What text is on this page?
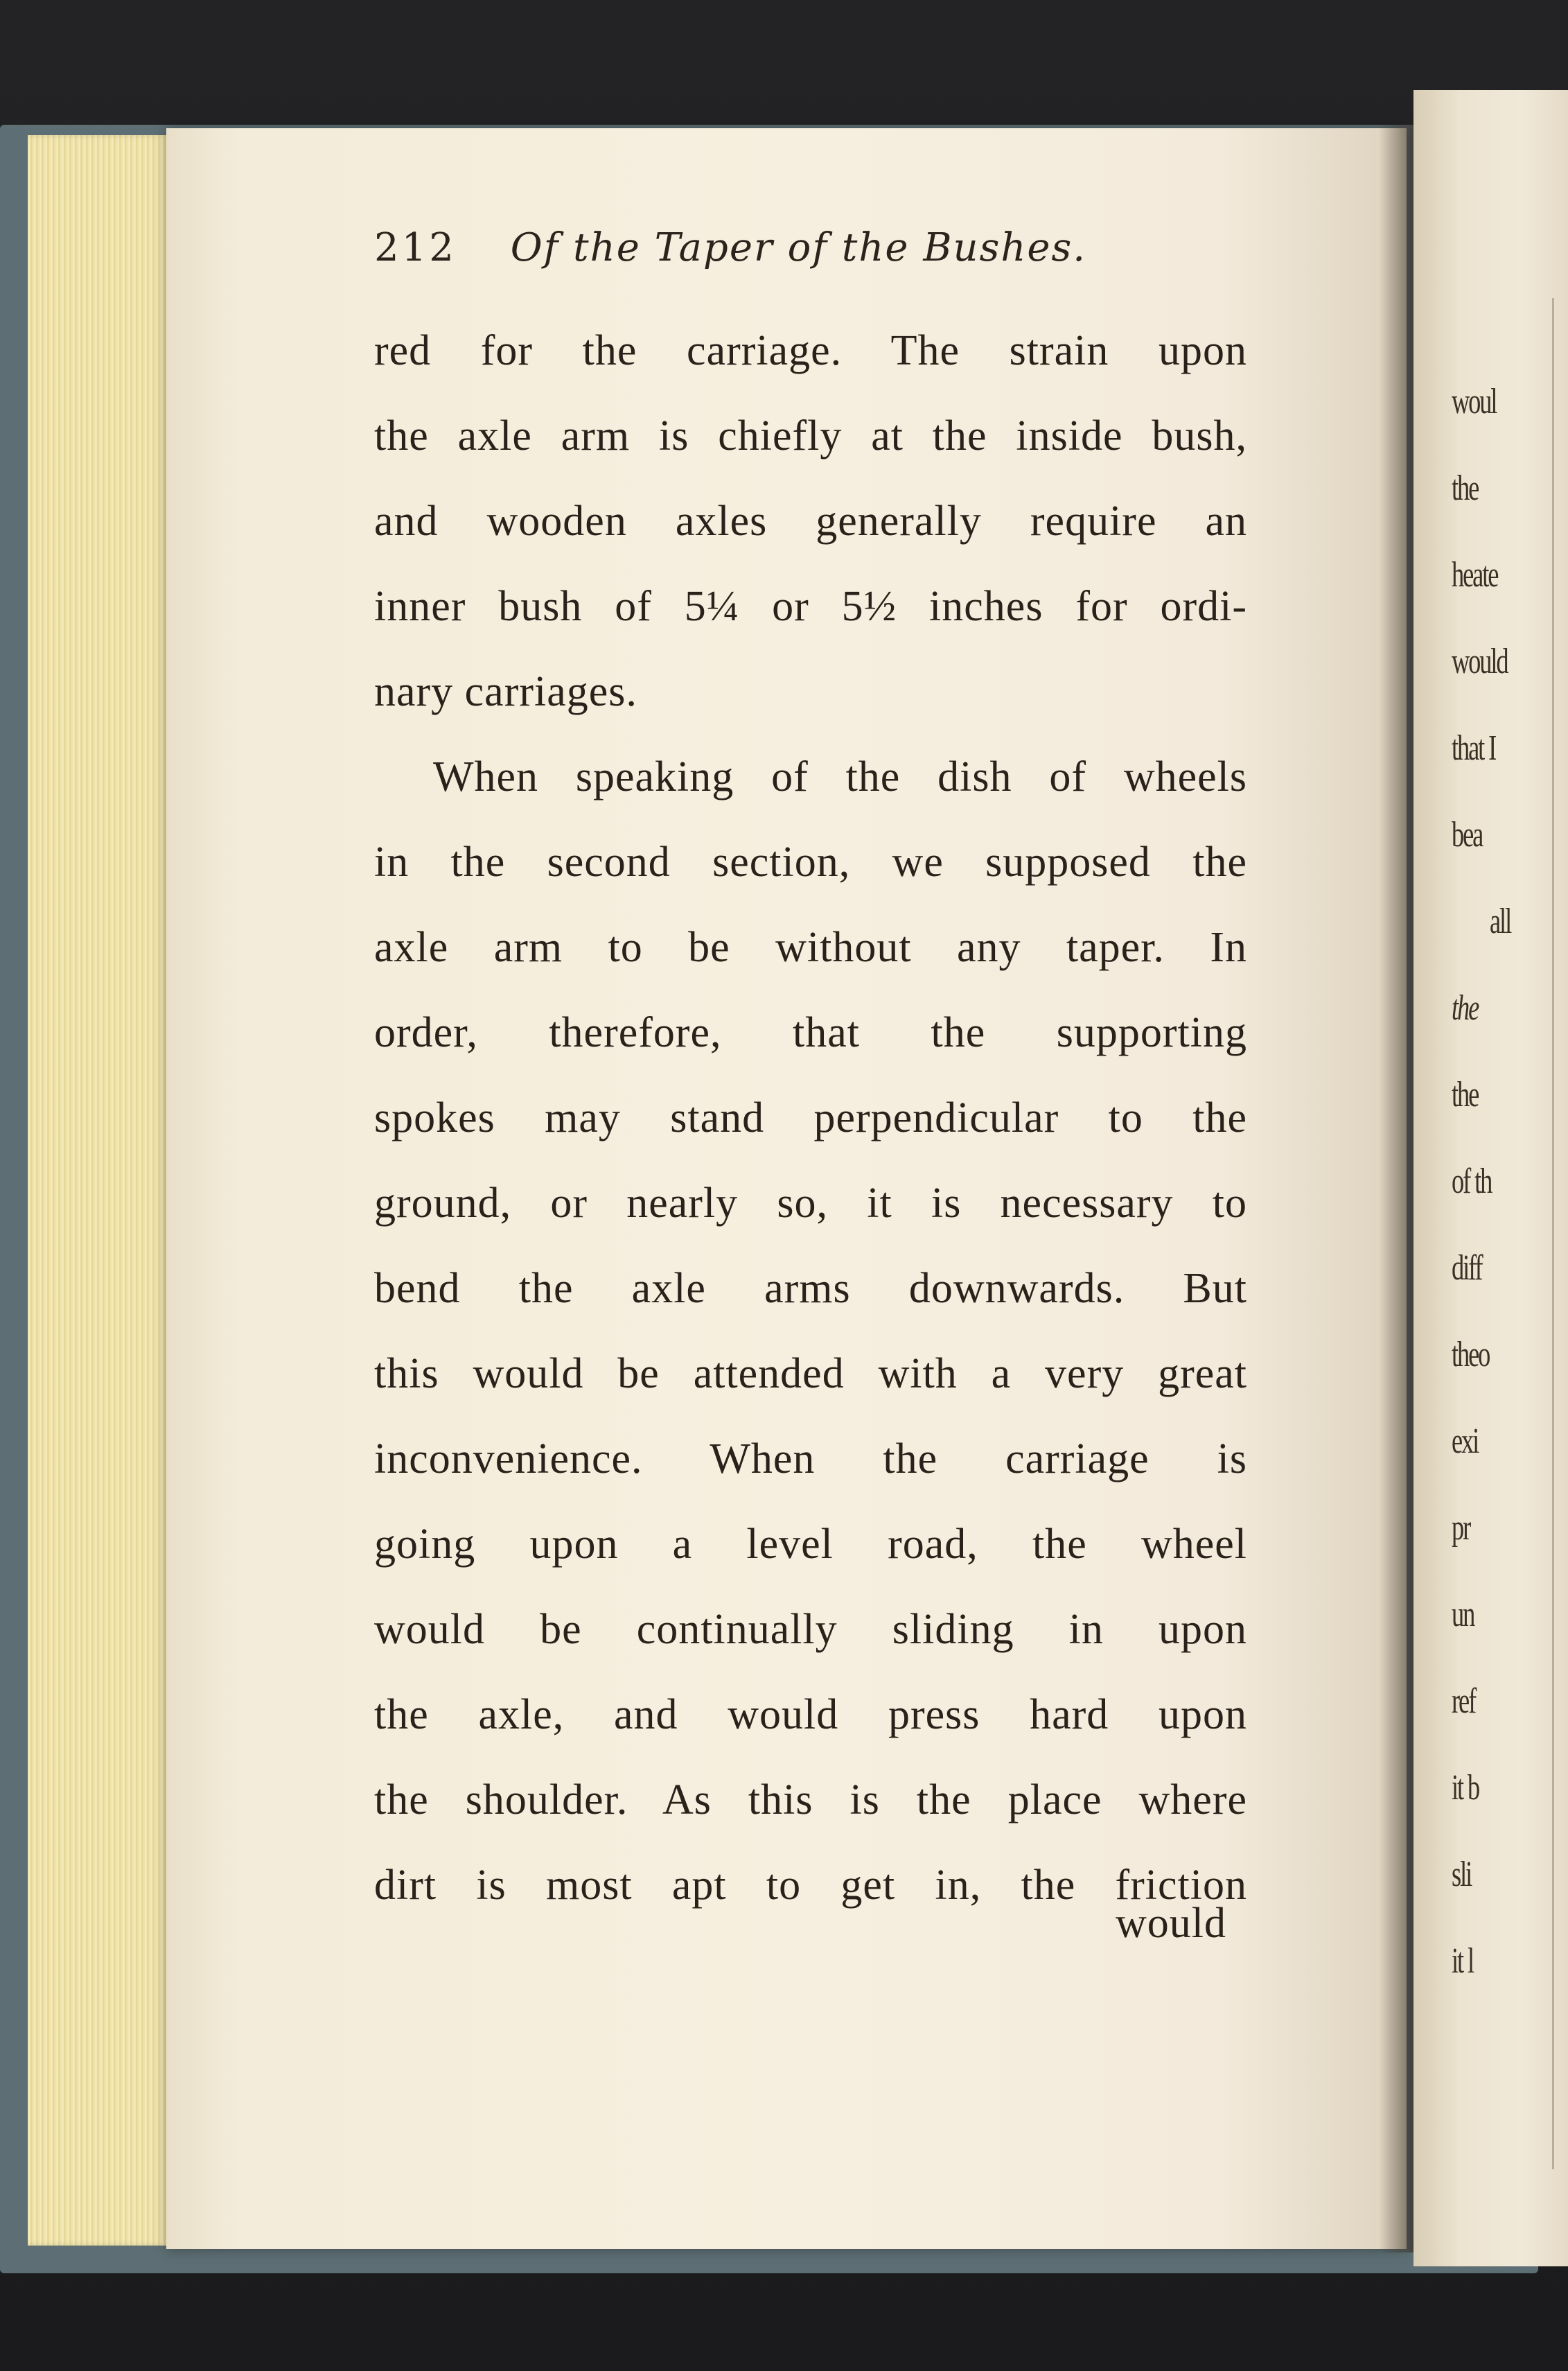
212 Of the Taper of the Bushes.
red for the carriage. The strain upon
the axle arm is chiefly at the inside bush,
and wooden axles generally require an
inner bush of 5¼ or 5½ inches for ordi-
nary carriages.
When speaking of the dish of wheels
in the second section, we supposed the
axle arm to be without any taper. In
order, therefore, that the supporting
spokes may stand perpendicular to the
ground, or nearly so, it is necessary to
bend the axle arms downwards. But
this would be attended with a very great
inconvenience. When the carriage is
going upon a level road, the wheel
would be continually sliding in upon
the axle, and would press hard upon
the shoulder. As this is the place where
dirt is most apt to get in, the friction
would
woul
the
heate
would
that I
bea
all
the
the
of th
diff
theo
exi
pr
un
ref
it b
sli
it l
